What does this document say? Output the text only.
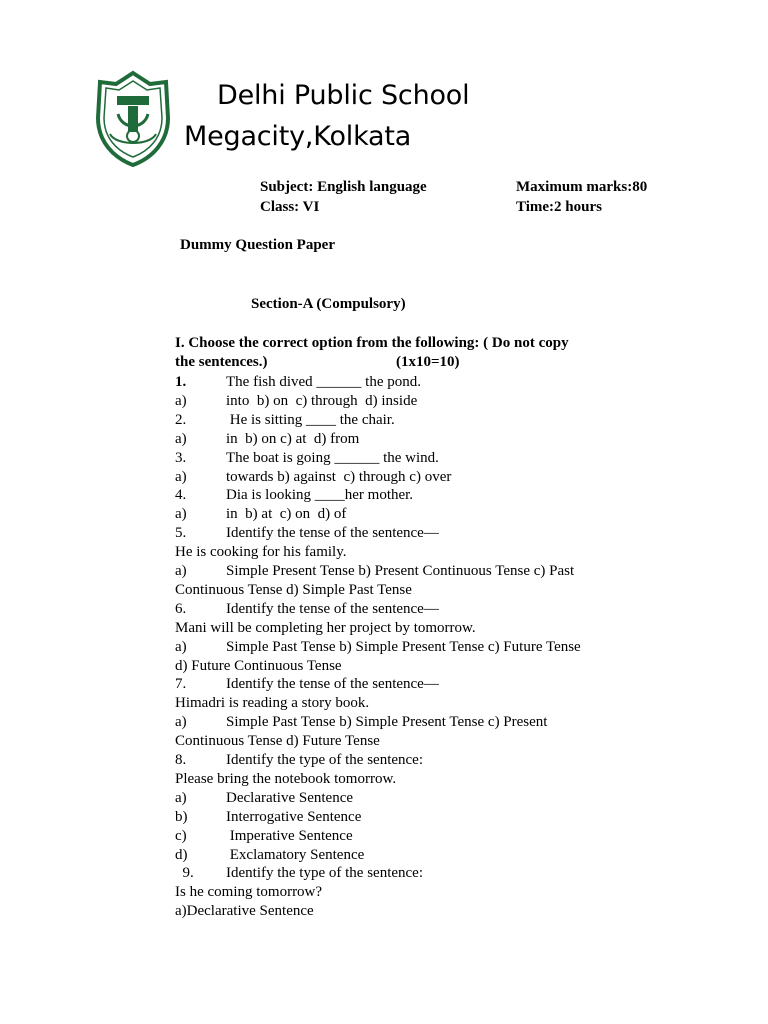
Delhi Public School
Megacity,Kolkata
Subject: English language	Maximum marks:80
Class: VI	Time:2 hours
Dummy Question Paper
Section-A (Compulsory)
I. Choose the correct option from the following: ( Do not copy
the sentences.)	(1x10=10)
1.	The fish dived ______ the pond.
a)	into  b) on  c) through  d) inside
2.	He is sitting ____ the chair.
a)	in  b) on c) at  d) from
3.	The boat is going ______ the wind.
a)	towards b) against  c) through c) over
4.	Dia is looking ____her mother.
a)	in  b) at  c) on  d) of
5.	Identify the tense of the sentence—
He is cooking for his family.
a)	Simple Present Tense b) Present Continuous Tense c) Past
Continuous Tense d) Simple Past Tense
6.	Identify the tense of the sentence—
Mani will be completing her project by tomorrow.
a)	Simple Past Tense b) Simple Present Tense c) Future Tense
d) Future Continuous Tense
7.	Identify the tense of the sentence—
Himadri is reading a story book.
a)	Simple Past Tense b) Simple Present Tense c) Present
Continuous Tense d) Future Tense
8.	Identify the type of the sentence:
Please bring the notebook tomorrow.
a)	Declarative Sentence
b)	Interrogative Sentence
c)	Imperative Sentence
d)	Exclamatory Sentence
9. Identify the type of the sentence:
Is he coming tomorrow?
a)Declarative Sentence
